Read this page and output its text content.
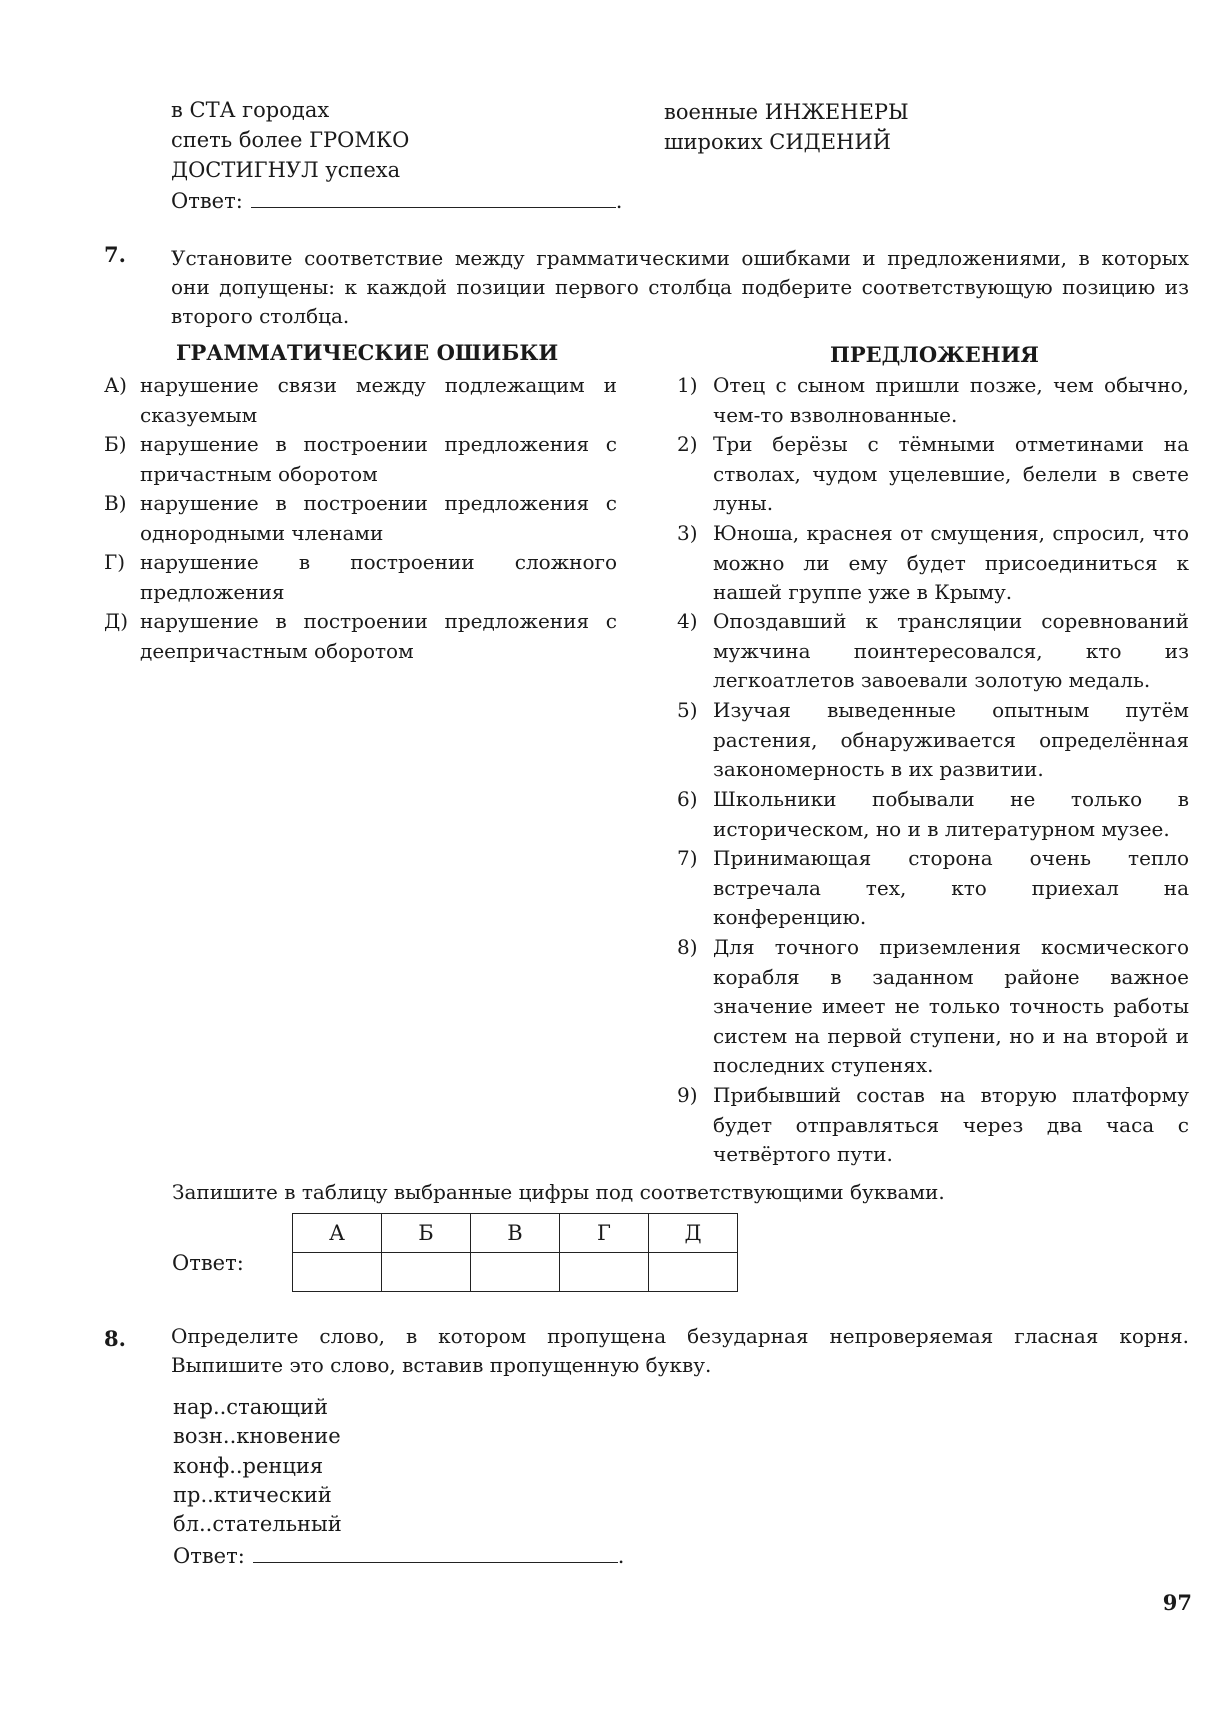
в СТА городах
спеть более ГРОМКО
ДОСТИГНУЛ успеха
военные ИНЖЕНЕРЫ
широких СИДЕНИЙ
Ответ:	.
7. Установите соответствие между грамматическими ошибками и предложениями, в которых они допущены: к каждой позиции первого столбца подберите соответствующую позицию из второго столбца.
ГРАММАТИЧЕСКИЕ ОШИБКИ	ПРЕДЛОЖЕНИЯ
А) нарушение связи между подлежащим и сказуемым
Б) нарушение в построении предложения с причастным оборотом
В) нарушение в построении предложения с однородными членами
Г) нарушение в построении сложного предложения
Д) нарушение в построении предложения с деепричастным оборотом
1) Отец с сыном пришли позже, чем обычно, чем-то взволнованные.
2) Три берёзы с тёмными отметинами на стволах, чудом уцелевшие, белели в свете луны.
3) Юноша, краснея от смущения, спросил, что можно ли ему будет присоединиться к нашей группе уже в Крыму.
4) Опоздавший к трансляции соревнований мужчина поинтересовался, кто из легкоатлетов завоевали золотую медаль.
5) Изучая выведенные опытным путём растения, обнаруживается определённая закономерность в их развитии.
6) Школьники побывали не только в историческом, но и в литературном музее.
7) Принимающая сторона очень тепло встречала тех, кто приехал на конференцию.
8) Для точного приземления космического корабля в заданном районе важное значение имеет не только точность работы систем на первой ступени, но и на второй и последних ступенях.
9) Прибывший состав на вторую платформу будет отправляться через два часа с четвёртого пути.
Запишите в таблицу выбранные цифры под соответствующими буквами.
Ответ:
А	Б	В	Г	Д

8. Определите слово, в котором пропущена безударная непроверяемая гласная корня. Выпишите это слово, вставив пропущенную букву.
нар..стающий
возн..кновение
конф..ренция
пр..ктический
бл..стательный
Ответ:	.
97
